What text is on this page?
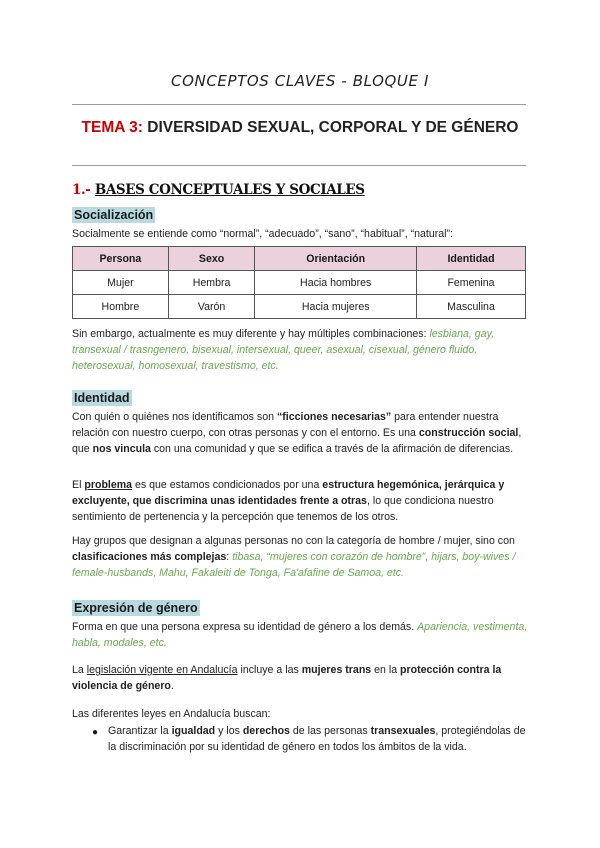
CONCEPTOS CLAVES - BLOQUE I
TEMA 3: DIVERSIDAD SEXUAL, CORPORAL Y DE GÉNERO
1.- BASES CONCEPTUALES Y SOCIALES
Socialización
Socialmente se entiende como “normal”, “adecuado”, “sano”, “habitual”, “natural”:
Persona	Sexo	Orientación	Identidad
Mujer	Hembra	Hacia hombres	Femenina
Hombre	Varón	Hacia mujeres	Masculina
Sin embargo, actualmente es muy diferente y hay múltiples combinaciones: lesbiana, gay, transexual / trasngenero, bisexual, intersexual, queer, asexual, cisexual, género fluido, heterosexual, homosexual, travestismo, etc.
Identidad
Con quién o quiénes nos identificamos son “ficciones necesarias” para entender nuestra relación con nuestro cuerpo, con otras personas y con el entorno. Es una construcción social, que nos vincula con una comunidad y que se edifica a través de la afirmación de diferencias.
El problema es que estamos condicionados por una estructura hegemónica, jerárquica y excluyente, que discrimina unas identidades frente a otras, lo que condiciona nuestro sentimiento de pertenencia y la percepción que tenemos de los otros.
Hay grupos que designan a algunas personas no con la categoría de hombre / mujer, sino con clasificaciones más complejas: tibasa, “mujeres con corazón de hombre”, hijars, boy-wives / female-husbands, Mahu, Fakaleiti de Tonga, Fa'afafine de Samoa, etc.
Expresión de género
Forma en que una persona expresa su identidad de género a los demás. Apariencia, vestimenta, habla, modales, etc.
La legislación vigente en Andalucía incluye a las mujeres trans en la protección contra la violencia de género.
Las diferentes leyes en Andalucía buscan:
● Garantizar la igualdad y los derechos de las personas transexuales, protegiéndolas de la discriminación por su identidad de género en todos los ámbitos de la vida.
